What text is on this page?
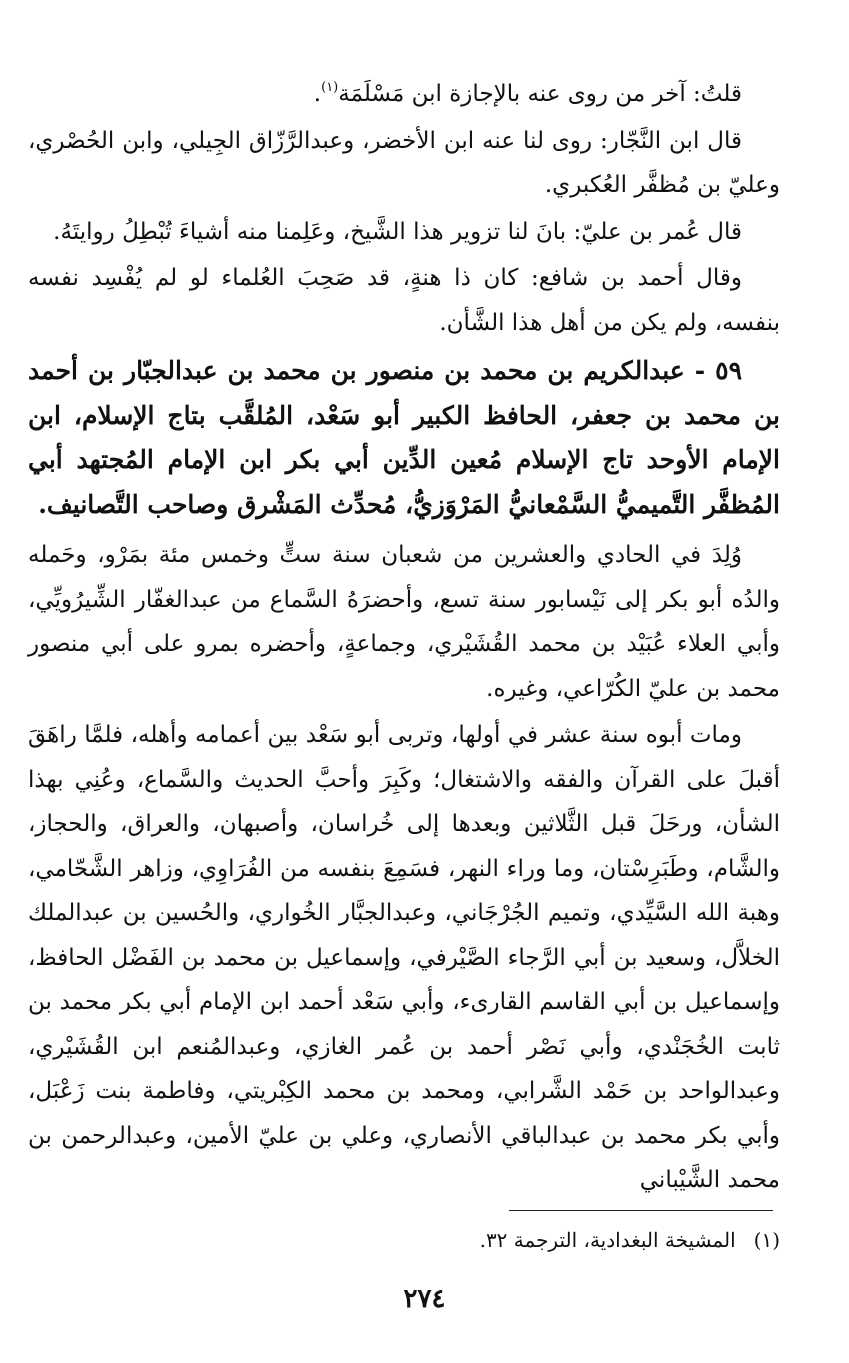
قلتُ: آخر من روى عنه بالإجازة ابن مَسْلَمَة$^{(١)}$.

قال ابن النَّجّار: روى لنا عنه ابن الأخضر، وعبدالرَّزّاق الجِيلي، وابن الحُصْري، وعليّ بن مُظفَّر العُكبري.

قال عُمر بن عليّ: بانَ لنا تزوير هذا الشَّيخ، وعَلِمنا منه أشياءَ تُبْطِلُ روايتَهُ.

وقال أحمد بن شافع: كان ذا هنةٍ، قد صَحِبَ العُلماء لو لم يُفْسِد نفسه بنفسه، ولم يكن من أهل هذا الشَّأن.

٥٩ - عبدالكريم بن محمد بن منصور بن محمد بن عبدالجبّار بن أحمد بن محمد بن جعفر، الحافظ الكبير أبو سَعْد، المُلقَّب بتاج الإسلام، ابن الإمام الأوحد تاج الإسلام مُعين الدِّين أبي بكر ابن الإمام المُجتهد أبي المُظفَّر التَّميميُّ السَّمْعانيُّ المَرْوَزيُّ، مُحدِّث المَشْرق وصاحب التَّصانيف.

وُلِدَ في الحادي والعشرين من شعبان سنة ستٍّ وخمس مئة بمَرْو، وحَمله والدُه أبو بكر إلى نَيْسابور سنة تسع، وأحضرَهُ السَّماع من عبدالغفّار الشِّيرُويِّي، وأبي العلاء عُبَيْد بن محمد القُشَيْري، وجماعةٍ، وأحضره بمرو على أبي منصور محمد بن عليّ الكُرّاعي، وغيره.

ومات أبوه سنة عشر في أولها، وتربى أبو سَعْد بين أعمامه وأهله، فلمَّا راهَقَ أقبلَ على القرآن والفقه والاشتغال؛ وكَبِرَ وأحبَّ الحديث والسَّماع، وعُنِي بهذا الشأن، ورحَلَ قبل الثَّلاثين وبعدها إلى خُراسان، وأصبهان، والعراق، والحجاز، والشَّام، وطَبَرِسْتان، وما وراء النهر، فسَمِعَ بنفسه من الفُرَاوِي، وزاهر الشَّحّامي، وهبة الله السَّيِّدي، وتميم الجُرْجَاني، وعبدالجبَّار الخُواري، والحُسين بن عبدالملك الخلاَّل، وسعيد بن أبي الرَّجاء الصَّيْرفي، وإسماعيل بن محمد بن الفَضْل الحافظ، وإسماعيل بن أبي القاسم القارىء، وأبي سَعْد أحمد ابن الإمام أبي بكر محمد بن ثابت الخُجَنْدي، وأبي نَصْر أحمد بن عُمر الغازي، وعبدالمُنعم ابن القُشَيْري، وعبدالواحد بن حَمْد الشَّرابي، ومحمد بن محمد الكِبْريتي، وفاطمة بنت زَعْبَل، وأبي بكر محمد بن عبدالباقي الأنصاري، وعلي بن عليّ الأمين، وعبدالرحمن بن محمد الشَّيْباني

(١)المشيخة البغدادية، الترجمة ٣٢.
٢٧٤
